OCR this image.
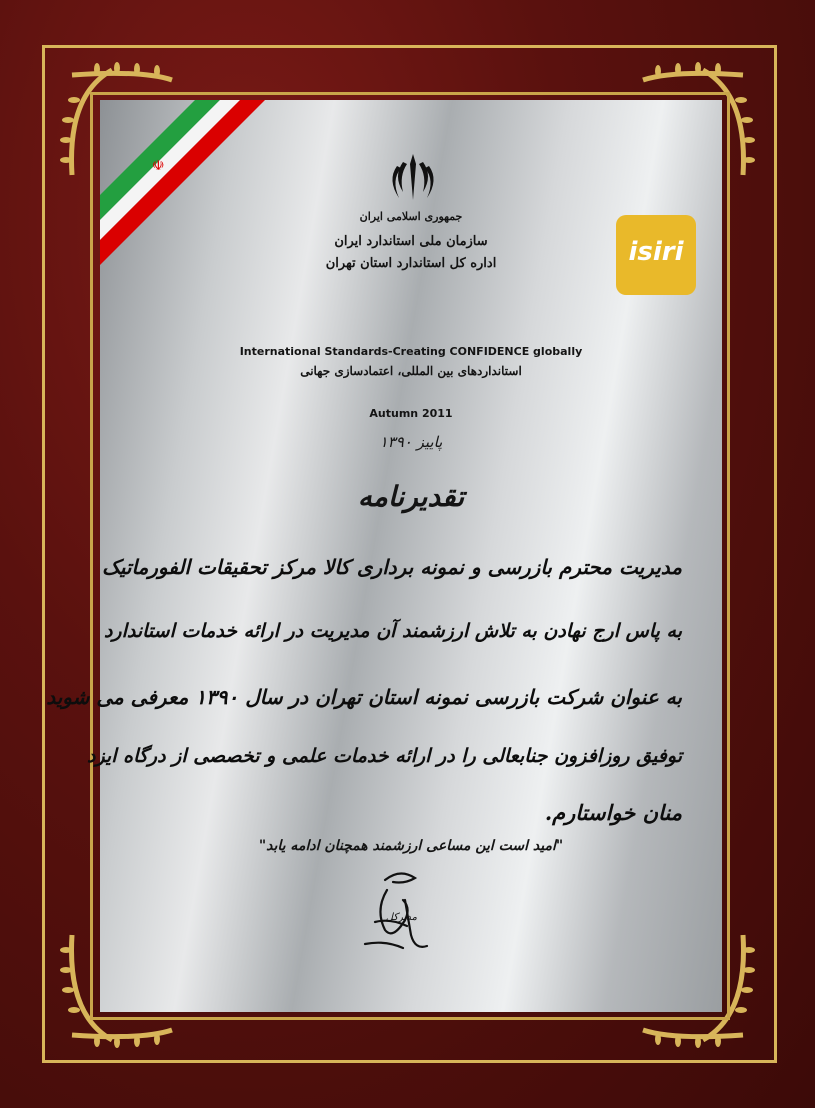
☫
جمهوری اسلامی ایران
سازمان ملی استاندارد ایران
اداره کل استاندارد استان تهران	isiri
International Standards-Creating CONFIDENCE globally
استانداردهای بین المللی، اعتمادسازی جهانی
Autumn 2011
پاییز ۱۳۹۰
تقدیرنامه
مدیریت محترم بازرسی و نمونه برداری کالا مرکز تحقیقات الفورماتیک
به پاس ارج نهادن به تلاش ارزشمند آن مدیریت در ارائه خدمات استاندارد
به عنوان شرکت بازرسی نمونه استان تهران در سال ۱۳۹۰ معرفی می شوید
توفیق روزافزون جنابعالی را در ارائه خدمات علمی و تخصصی از درگاه ایزد
منان خواستارم.
"امید است این مساعی ارزشمند همچنان ادامه یابد"
مدیرکل
